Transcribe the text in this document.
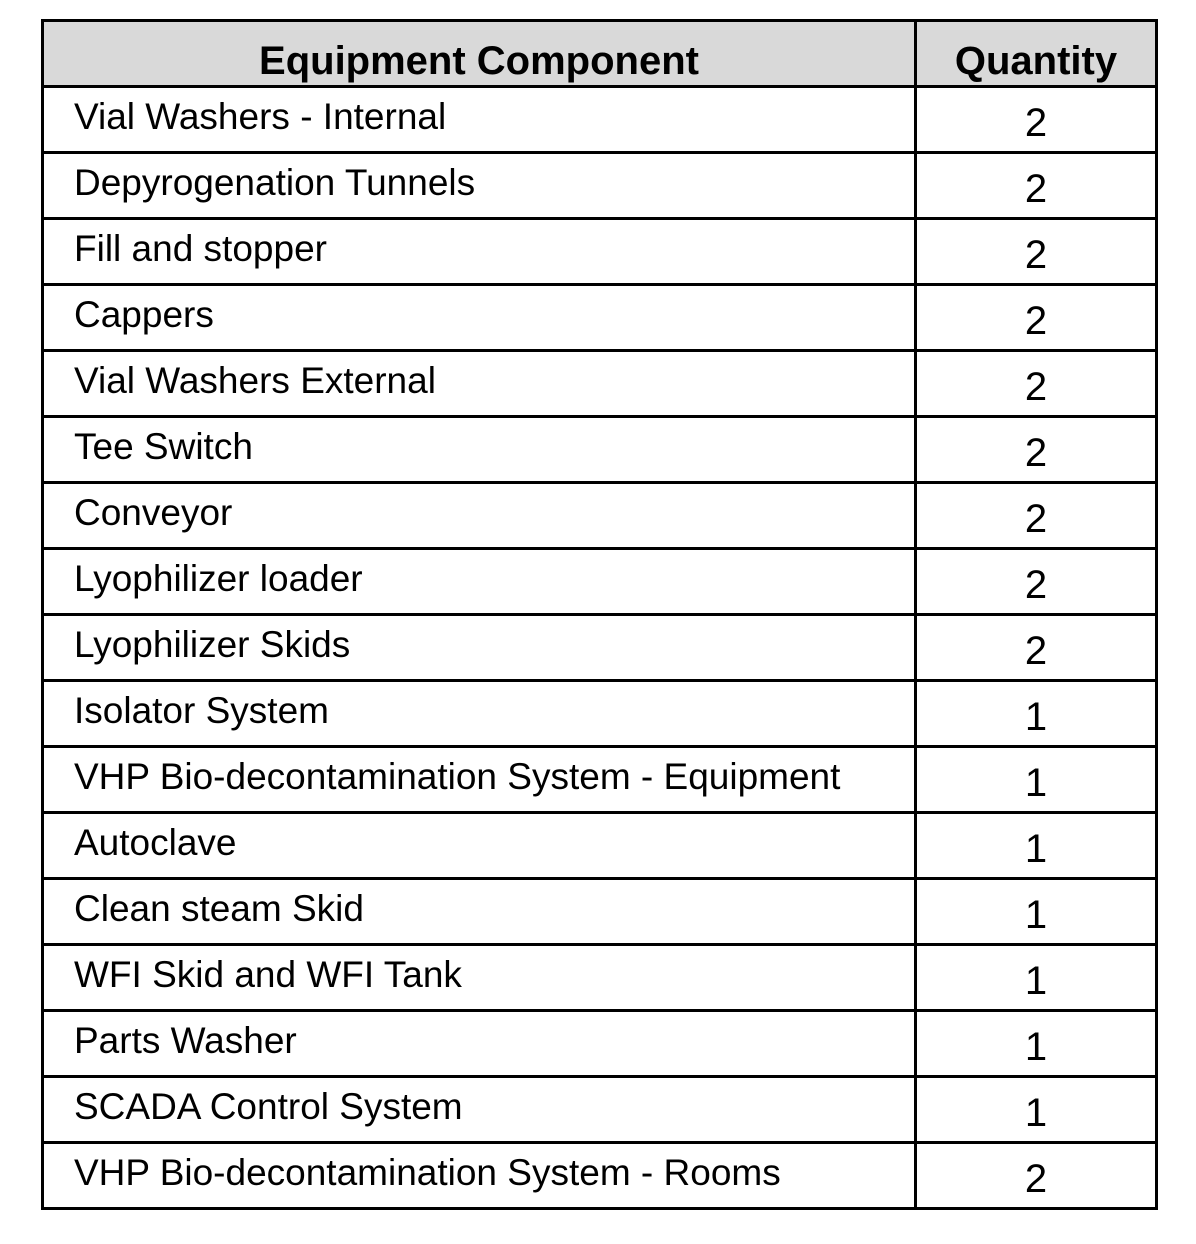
Equipment Component	Quantity
Vial Washers - Internal	2
Depyrogenation Tunnels	2
Fill and stopper	2
Cappers	2
Vial Washers External	2
Tee Switch	2
Conveyor	2
Lyophilizer loader	2
Lyophilizer Skids	2
Isolator System	1
VHP Bio-decontamination System - Equipment	1
Autoclave	1
Clean steam Skid	1
WFI Skid and WFI Tank	1
Parts Washer	1
SCADA Control System	1
VHP Bio-decontamination System - Rooms	2
